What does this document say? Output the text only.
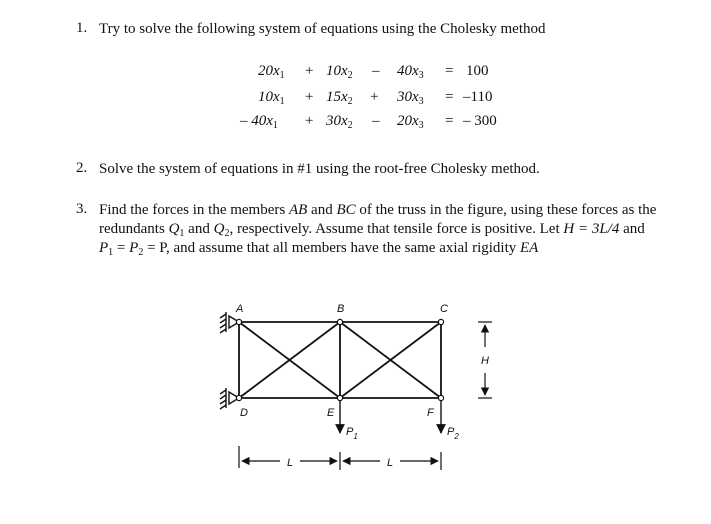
1. Try to solve the following system of equations using the Cholesky method
$20x_1 + 10x_2 - 40x_3 = 100$
$10x_1 + 15x_2 + 30x_3 = -110$
– $40x_1 + 30x_2 - 20x_3$ = – 300
2. Solve the system of equations in #1 using the root-free Cholesky method.
3. Find the forces in the members AB and BC of the truss in the figure, using these forces as the
redundants $Q_1$ and $Q_2$, respectively. Assume that tensile force is positive. Let H = 3L/4 and
$P_1 = P_2 = P$, and assume that all members have the same axial rigidity EA
A	B	C
D	E	F
$P_1$	$P_2$
H
L	L
